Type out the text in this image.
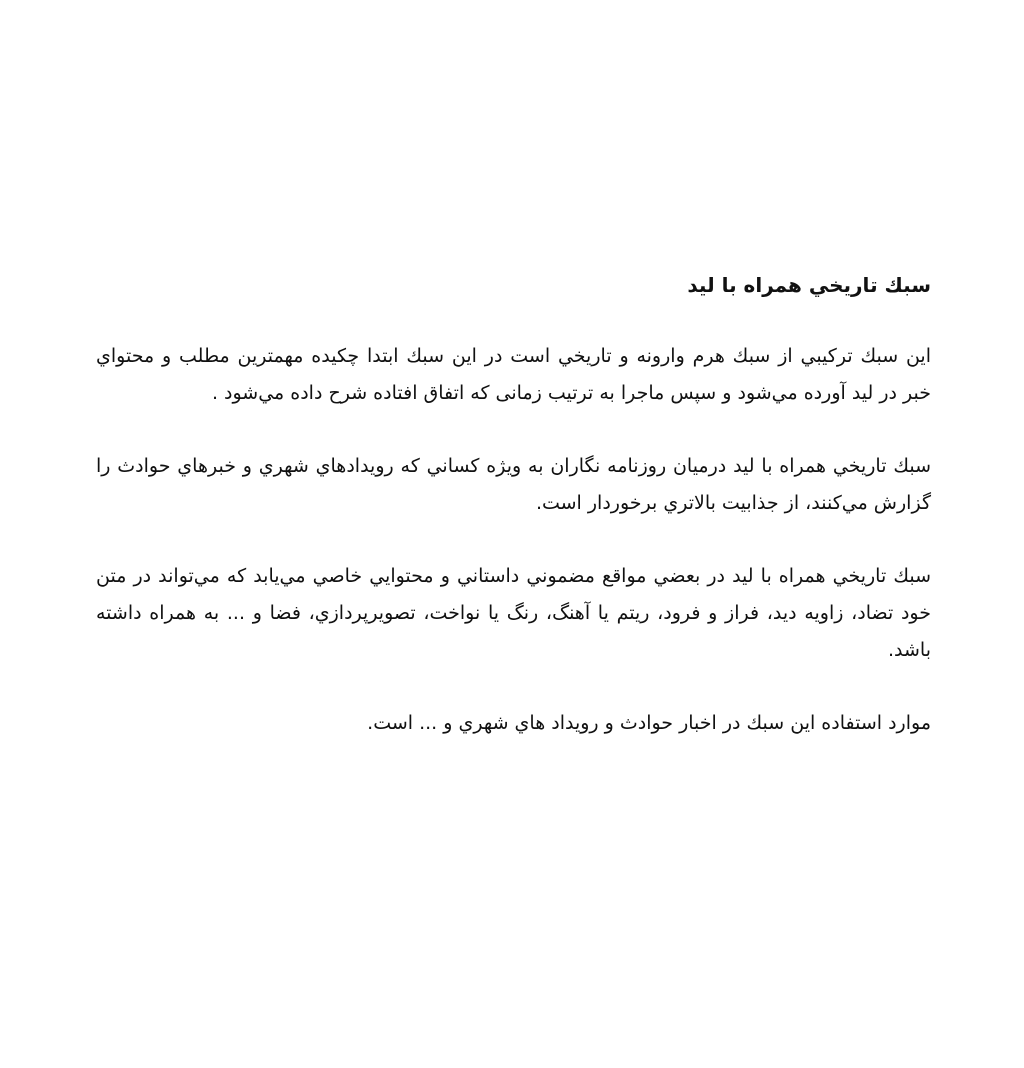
سبك تاريخي همراه با ليد

اين سبك تركيبي از سبك هرم وارونه و تاريخي است در اين سبك ابتدا چكيده مهمترين مطلب و محتواي خبر در ليد آورده مي‌شود و سپس ماجرا به ترتیب زمانی که اتفاق افتاده شرح داده مي‌شود .

سبك تاريخي همراه با ليد درميان روزنامه نگاران به ويژه كساني كه رويدادهاي شهري و خبرهاي حوادث را گزارش مي‌كنند، از جذابيت بالاتري برخوردار است.

سبك تاريخي همراه با ليد در بعضي مواقع مضموني داستاني و محتوايي خاصي مي‌يابد كه مي‌تواند در متن خود تضاد، زاويه ديد، فراز و فرود، ريتم يا آهنگ، رنگ يا نواخت، تصويرپردازي، فضا و ... به همراه داشته باشد.

موارد استفاده اين سبك در اخبار حوادث و رويداد هاي شهري و ... است.
